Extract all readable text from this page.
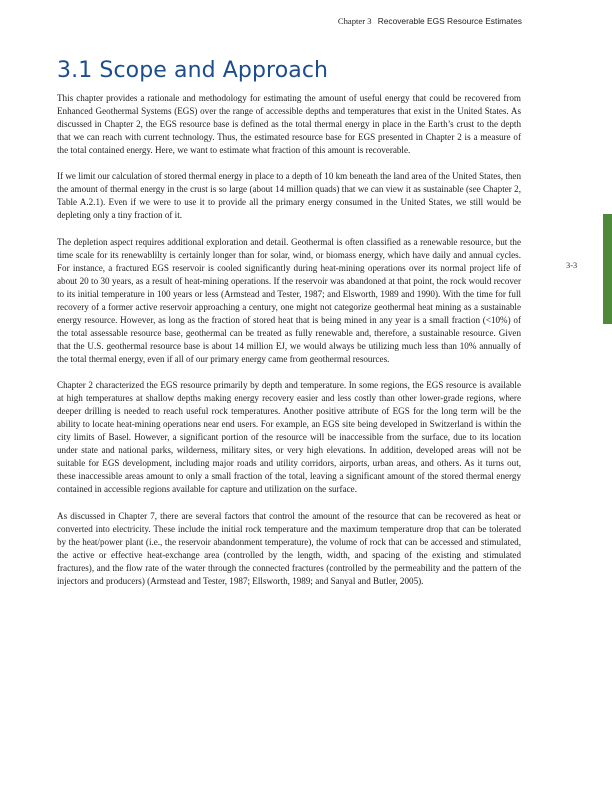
Chapter 3 Recoverable EGS Resource Estimates
3.1 Scope and Approach

This chapter provides a rationale and methodology for estimating the amount of useful energy that could be recovered from Enhanced Geothermal Systems (EGS) over the range of accessible depths and temperatures that exist in the United States. As discussed in Chapter 2, the EGS resource base is defined as the total thermal energy in place in the Earth’s crust to the depth that we can reach with current technology. Thus, the estimated resource base for EGS presented in Chapter 2 is a measure of the total contained energy. Here, we want to estimate what fraction of this amount is recoverable.

If we limit our calculation of stored thermal energy in place to a depth of 10 km beneath the land area of the United States, then the amount of thermal energy in the crust is so large (about 14 million quads) that we can view it as sustainable (see Chapter 2, Table A.2.1). Even if we were to use it to provide all the primary energy consumed in the United States, we still would be depleting only a tiny fraction of it.

The depletion aspect requires additional exploration and detail. Geothermal is often classified as a renewable resource, but the time scale for its renewablilty is certainly longer than for solar, wind, or biomass energy, which have daily and annual cycles. For instance, a fractured EGS reservoir is cooled significantly during heat-mining operations over its normal project life of about 20 to 30 years, as a result of heat-mining operations. If the reservoir was abandoned at that point, the rock would recover to its initial temperature in 100 years or less (Armstead and Tester, 1987; and Elsworth, 1989 and 1990). With the time for full recovery of a former active reservoir approaching a century, one might not categorize geothermal heat mining as a sustainable energy resource. However, as long as the fraction of stored heat that is being mined in any year is a small fraction (<10%) of the total assessable resource base, geothermal can be treated as fully renewable and, therefore, a sustainable resource. Given that the U.S. geothermal resource base is about 14 million EJ, we would always be utilizing much less than 10% annually of the total thermal energy, even if all of our primary energy came from geothermal resources.

Chapter 2 characterized the EGS resource primarily by depth and temperature. In some regions, the EGS resource is available at high temperatures at shallow depths making energy recovery easier and less costly than other lower-grade regions, where deeper drilling is needed to reach useful rock temperatures. Another positive attribute of EGS for the long term will be the ability to locate heat-mining operations near end users. For example, an EGS site being developed in Switzerland is within the city limits of Basel. However, a significant portion of the resource will be inaccessible from the surface, due to its location under state and national parks, wilderness, military sites, or very high elevations. In addition, developed areas will not be suitable for EGS development, including major roads and utility corridors, airports, urban areas, and others. As it turns out, these inaccessible areas amount to only a small fraction of the total, leaving a significant amount of the stored thermal energy contained in accessible regions available for capture and utilization on the surface.

As discussed in Chapter 7, there are several factors that control the amount of the resource that can be recovered as heat or converted into electricity. These include the initial rock temperature and the maximum temperature drop that can be tolerated by the heat/power plant (i.e., the reservoir abandonment temperature), the volume of rock that can be accessed and stimulated, the active or effective heat-exchange area (controlled by the length, width, and spacing of the existing and stimulated fractures), and the flow rate of the water through the connected fractures (controlled by the permeability and the pattern of the injectors and producers) (Armstead and Tester, 1987; Ellsworth, 1989; and Sanyal and Butler, 2005).

3-3
